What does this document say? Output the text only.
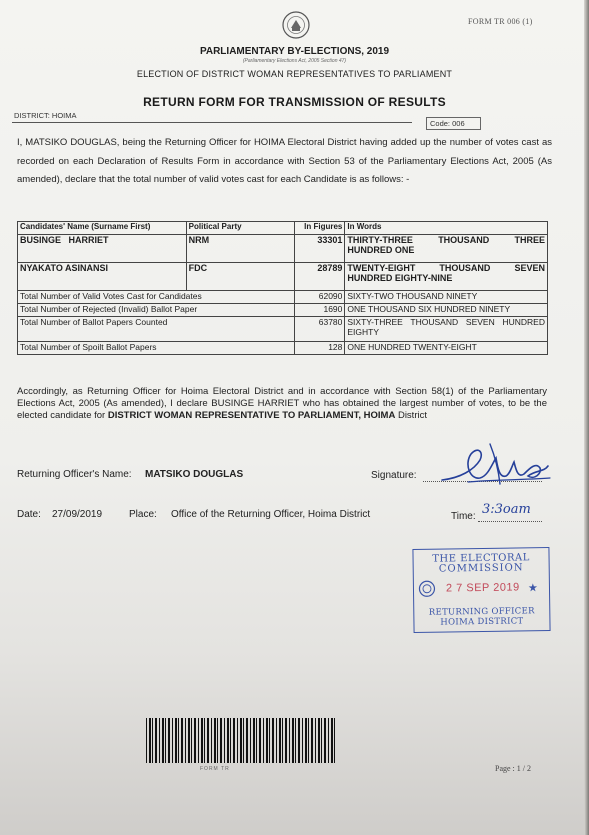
FORM TR 006 (1)
PARLIAMENTARY BY-ELECTIONS, 2019
(Parliamentary Elections Act, 2005 Section 47)
ELECTION OF DISTRICT WOMAN REPRESENTATIVES TO PARLIAMENT
RETURN FORM FOR TRANSMISSION OF RESULTS
DISTRICT: HOIMA
Code: 006
I, MATSIKO DOUGLAS, being the Returning Officer for HOIMA Electoral District having added up the number of votes cast as recorded on each Declaration of Results Form in accordance with Section 53 of the Parliamentary Elections Act, 2005 (As amended), declare that the total number of valid votes cast for each Candidate is as follows: -
Candidates' Name (Surname First)	Political Party	In Figures	In Words
BUSINGE HARRIET	NRM	33301	THIRTY-THREE THOUSAND THREE HUNDRED ONE
NYAKATO ASINANSI	FDC	28789	TWENTY-EIGHT THOUSAND SEVEN HUNDRED EIGHTY-NINE
Total Number of Valid Votes Cast for Candidates		62090	SIXTY-TWO THOUSAND NINETY
Total Number of Rejected (Invalid) Ballot Paper		1690	ONE THOUSAND SIX HUNDRED NINETY
Total Number of Ballot Papers Counted		63780	SIXTY-THREE THOUSAND SEVEN HUNDRED EIGHTY
Total Number of Spoilt Ballot Papers		128	ONE HUNDRED TWENTY-EIGHT
Accordingly, as Returning Officer for Hoima Electoral District and in accordance with Section 58(1) of the Parliamentary Elections Act, 2005 (As amended), I declare BUSINGE HARRIET who has obtained the largest number of votes, to be the elected candidate for DISTRICT WOMAN REPRESENTATIVE TO PARLIAMENT, HOIMA District
Returning Officer's Name: MATSIKO DOUGLAS	Signature:
Date: 27/09/2019	Place: Office of the Returning Officer, Hoima District	Time: 3:3oam
THE ELECTORAL
COMMISSION
2 7 SEP 2019 ★
RETURNING OFFICER
HOIMA DISTRICT
FORM TR	Page : 1 / 2
